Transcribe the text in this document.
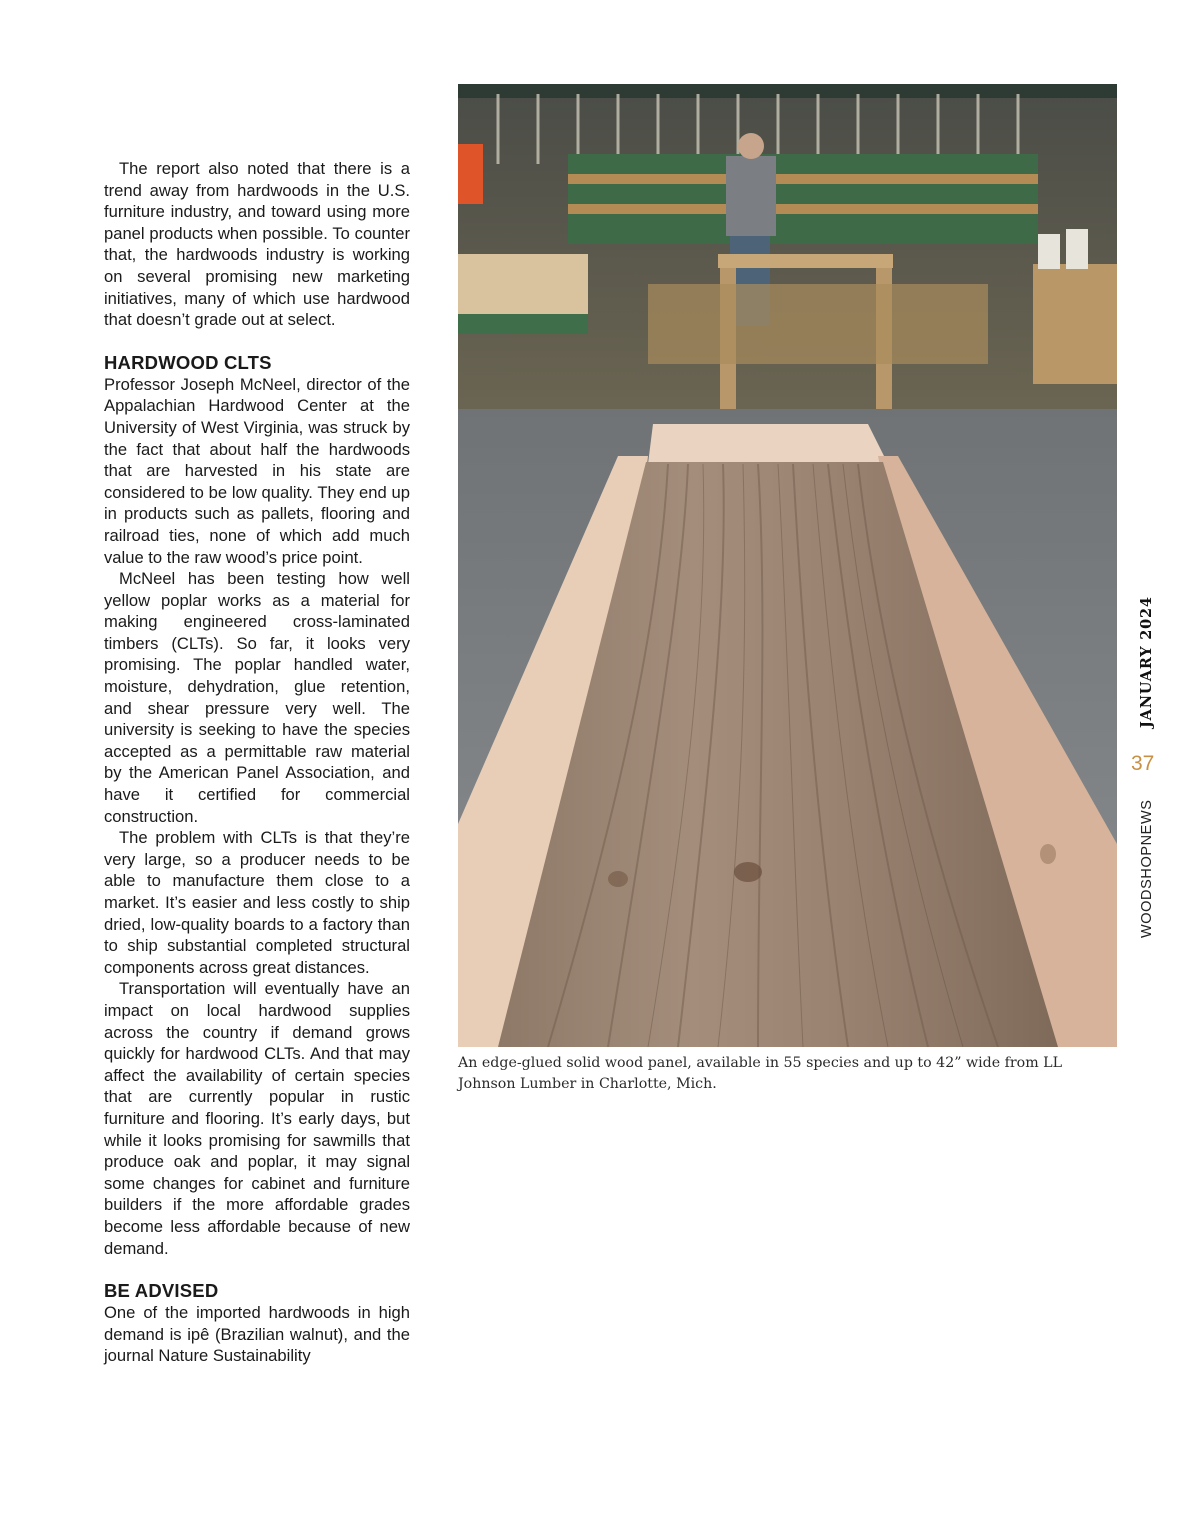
The report also noted that there is a trend away from hardwoods in the U.S. furniture industry, and toward using more panel products when possible. To counter that, the hardwoods industry is working on several promising new marketing initiatives, many of which use hardwood that doesn’t grade out at select.

HARDWOOD CLTS

Professor Joseph McNeel, director of the Appalachian Hardwood Center at the University of West Virginia, was struck by the fact that about half the hardwoods that are harvested in his state are considered to be low quality. They end up in products such as pallets, flooring and railroad ties, none of which add much value to the raw wood’s price point.

McNeel has been testing how well yellow poplar works as a material for making engineered cross-laminated timbers (CLTs). So far, it looks very promising. The poplar handled water, moisture, dehydration, glue retention, and shear pressure very well. The university is seeking to have the species accepted as a permittable raw material by the American Panel Association, and have it certified for commercial construction.

The problem with CLTs is that they’re very large, so a producer needs to be able to manufacture them close to a market. It’s easier and less costly to ship dried, low-quality boards to a factory than to ship substantial completed structural components across great distances.

Transportation will eventually have an impact on local hardwood supplies across the country if demand grows quickly for hardwood CLTs. And that may affect the availability of certain species that are currently popular in rustic furniture and flooring. It’s early days, but while it looks promising for sawmills that produce oak and poplar, it may signal some changes for cabinet and furniture builders if the more affordable grades become less affordable because of new demand.

BE ADVISED

One of the imported hardwoods in high demand is ipê (Brazilian walnut), and the journal Nature Sustainability

An edge-glued solid wood panel, available in 55 species and up to 42” wide from LL Johnson Lumber in Charlotte, Mich.
JANUARY 2024
37
WOODSHOPNEWS
